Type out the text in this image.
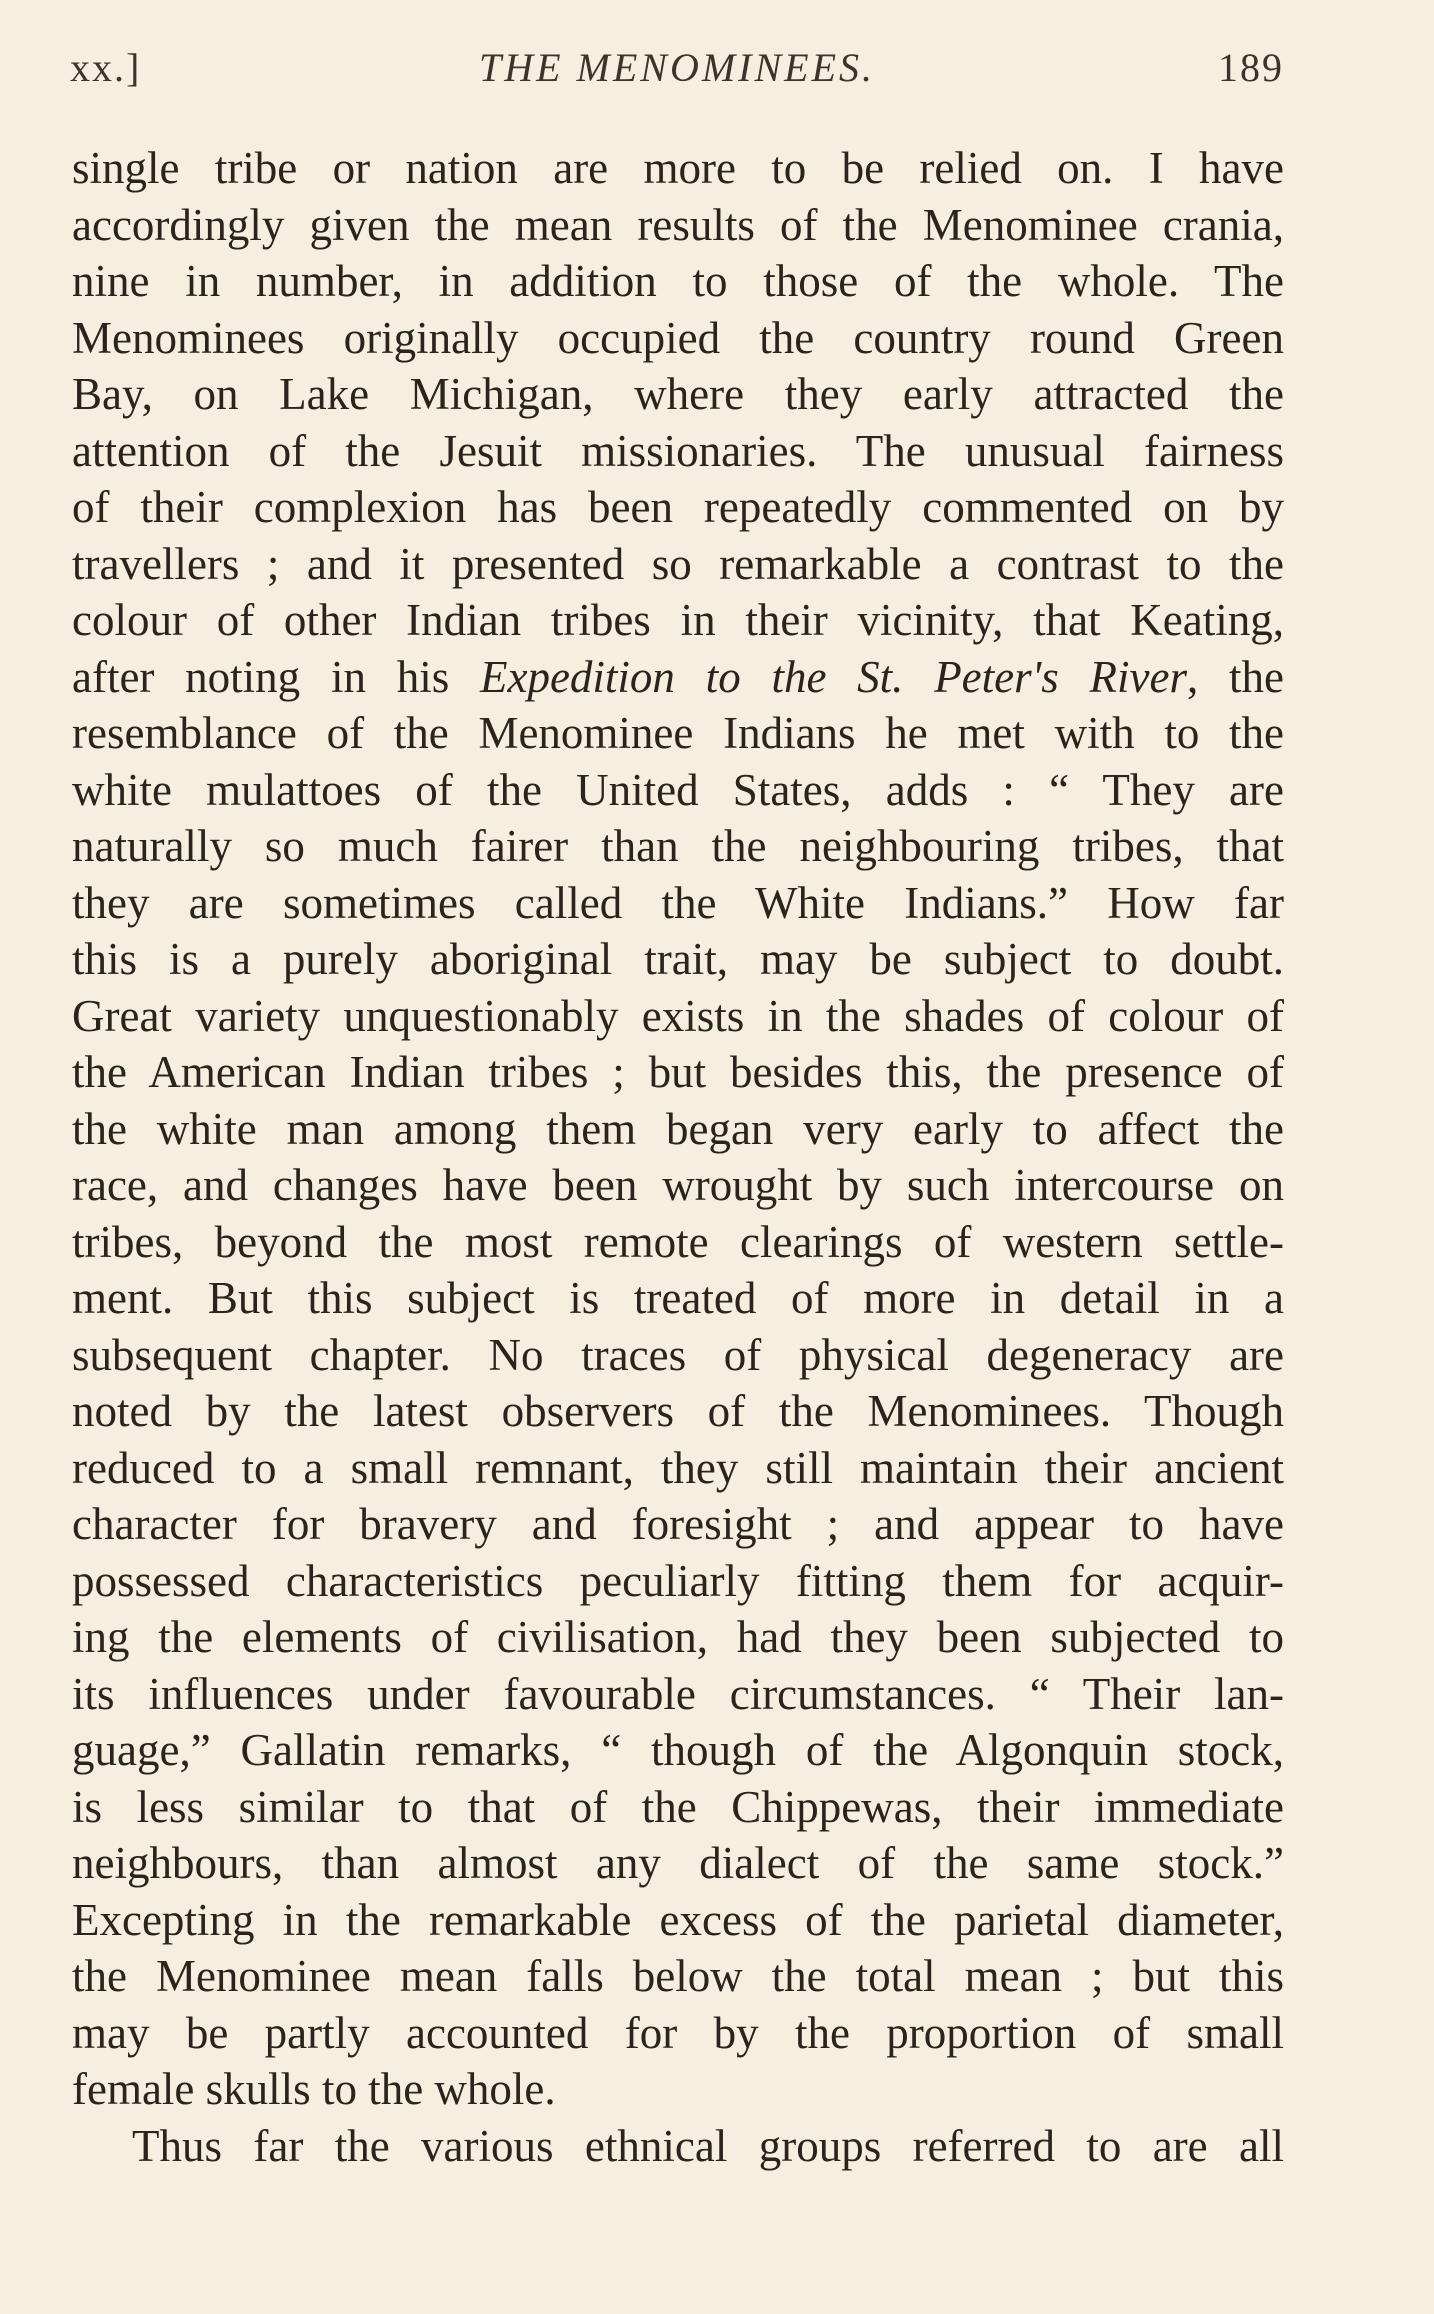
xx.]	THE MENOMINEES.	189
single tribe or nation are more to be relied on. I have
accordingly given the mean results of the Menominee crania,
nine in number, in addition to those of the whole. The
Menominees originally occupied the country round Green
Bay, on Lake Michigan, where they early attracted the
attention of the Jesuit missionaries. The unusual fairness
of their complexion has been repeatedly commented on by
travellers ; and it presented so remarkable a contrast to the
colour of other Indian tribes in their vicinity, that Keating,
after noting in his Expedition to the St. Peter's River, the
resemblance of the Menominee Indians he met with to the
white mulattoes of the United States, adds : “ They are
naturally so much fairer than the neighbouring tribes, that
they are sometimes called the White Indians.” How far
this is a purely aboriginal trait, may be subject to doubt.
Great variety unquestionably exists in the shades of colour of
the American Indian tribes ; but besides this, the presence of
the white man among them began very early to affect the
race, and changes have been wrought by such intercourse on
tribes, beyond the most remote clearings of western settle-
ment. But this subject is treated of more in detail in a
subsequent chapter. No traces of physical degeneracy are
noted by the latest observers of the Menominees. Though
reduced to a small remnant, they still maintain their ancient
character for bravery and foresight ; and appear to have
possessed characteristics peculiarly fitting them for acquir-
ing the elements of civilisation, had they been subjected to
its influences under favourable circumstances. “ Their lan-
guage,” Gallatin remarks, “ though of the Algonquin stock,
is less similar to that of the Chippewas, their immediate
neighbours, than almost any dialect of the same stock.”
Excepting in the remarkable excess of the parietal diameter,
the Menominee mean falls below the total mean ; but this
may be partly accounted for by the proportion of small
female skulls to the whole.
Thus far the various ethnical groups referred to are all
